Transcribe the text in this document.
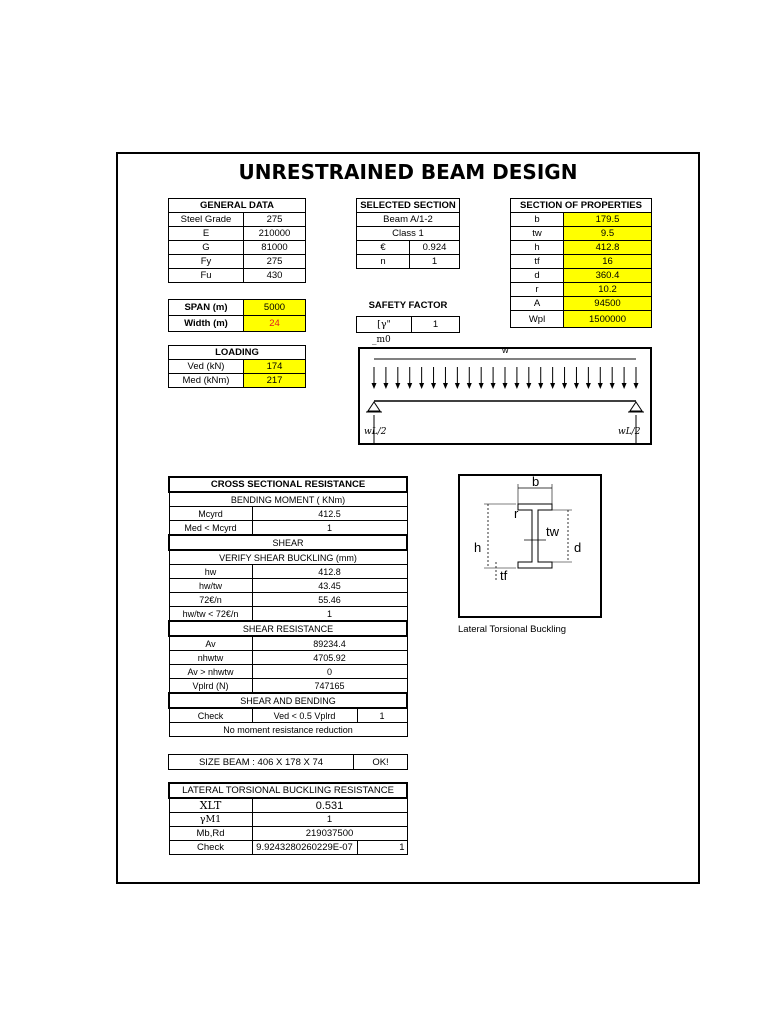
UNRESTRAINED BEAM DESIGN
GENERAL DATA	
Steel Grade	275
E	210000
G	81000
Fy	275
Fu	430
SELECTED SECTION	
Beam A/1-2	
Class 1	
€	0.924
n	1
SECTION OF PROPERTIES	
b	179.5
tw	9.5
h	412.8
tf	16
d	360.4
r	10.2
A	94500
Wpl	1500000
SPAN (m)	5000
Width (m)	24
SAFETY FACTOR
[γ"	1
_m0
LOADING	
Ved (kN)	174
Med (kNm)	217
w
wL/2	wL/2
CROSS SECTIONAL RESISTANCE		
BENDING MOMENT ( KNm)		
Mcyrd	412.5	
Med < Mcyrd	1	
SHEAR		
VERIFY SHEAR BUCKLING (mm)		
hw	412.8	
hw/tw	43.45	
72€/n	55.46	
hw/tw < 72€/n	1	
SHEAR RESISTANCE		
Av	89234.4	
nhwtw	4705.92	
Av > nhwtw	0	
Vplrd (N)	747165	
SHEAR AND BENDING		
Check	Ved < 0.5 Vplrd	1
No moment resistance reduction		
b
r
tw
h	d
tf
Lateral Torsional Buckling
SIZE BEAM : 406 X 178 X 74	OK!
LATERAL TORSIONAL BUCKLING RESISTANCE		
XLT	0.531	
γM1	1	
Mb,Rd	219037500	
Check	9.9243280260229E-07	1
